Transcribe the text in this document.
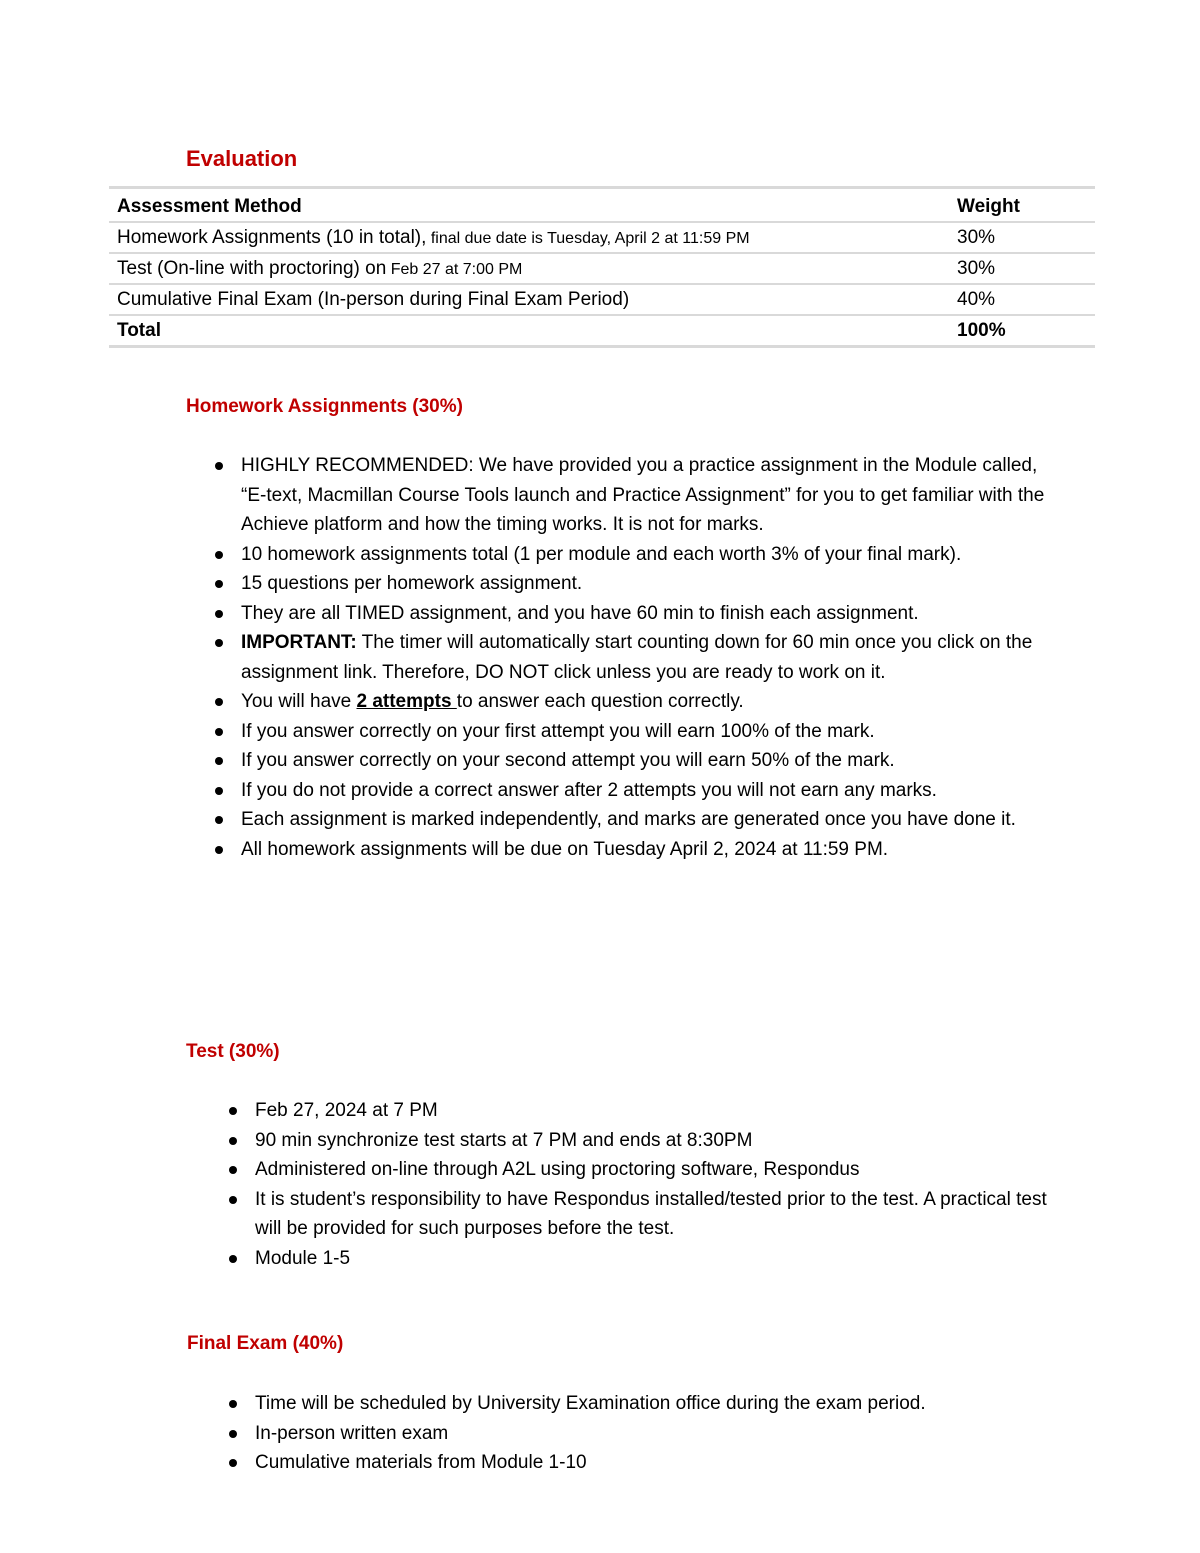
Evaluation
Assessment Method	Weight
Homework Assignments (10 in total), final due date is Tuesday, April 2 at 11:59 PM	30%
Test (On-line with proctoring) on Feb 27 at 7:00 PM	30%
Cumulative Final Exam (In-person during Final Exam Period)	40%
Total	100%
Homework Assignments (30%)
HIGHLY RECOMMENDED: We have provided you a practice assignment in the Module called, “E-text, Macmillan Course Tools launch and Practice Assignment” for you to get familiar with the Achieve platform and how the timing works. It is not for marks.
10 homework assignments total (1 per module and each worth 3% of your final mark).
15 questions per homework assignment.
They are all TIMED assignment, and you have 60 min to finish each assignment.
IMPORTANT: The timer will automatically start counting down for 60 min once you click on the assignment link. Therefore, DO NOT click unless you are ready to work on it.
You will have 2 attempts to answer each question correctly.
If you answer correctly on your first attempt you will earn 100% of the mark.
If you answer correctly on your second attempt you will earn 50% of the mark.
If you do not provide a correct answer after 2 attempts you will not earn any marks.
Each assignment is marked independently, and marks are generated once you have done it.
All homework assignments will be due on Tuesday April 2, 2024 at 11:59 PM.
Test (30%)
Feb 27, 2024 at 7 PM
90 min synchronize test starts at 7 PM and ends at 8:30PM
Administered on-line through A2L using proctoring software, Respondus
It is student’s responsibility to have Respondus installed/tested prior to the test. A practical test will be provided for such purposes before the test.
Module 1-5
Final Exam (40%)
Time will be scheduled by University Examination office during the exam period.
In-person written exam
Cumulative materials from Module 1-10
